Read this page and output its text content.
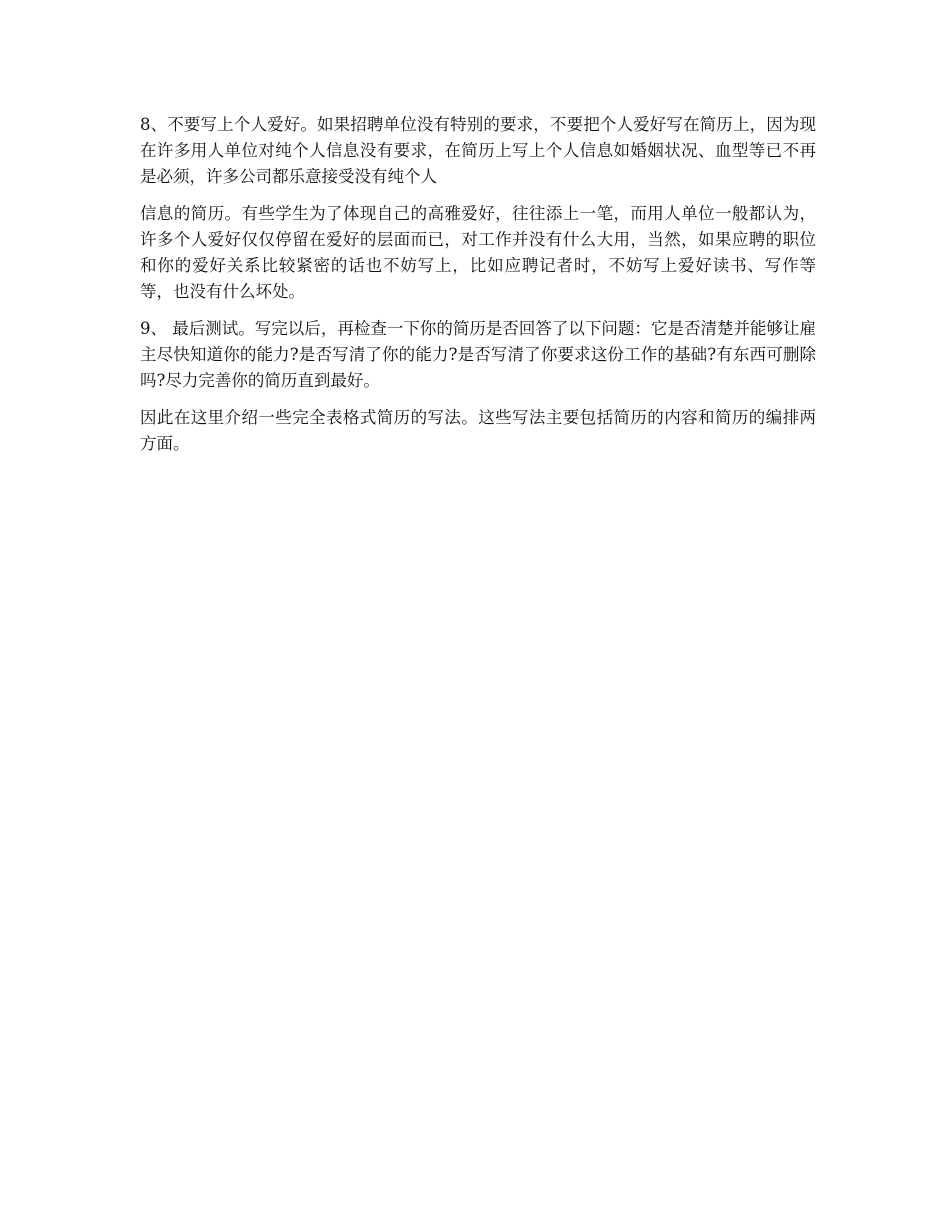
8、不要写上个人爱好。如果招聘单位没有特别的要求，不要把个人爱好写在简历上，因为现在许多用人单位对纯个人信息没有要求，在简历上写上个人信息如婚姻状况、血型等已不再是必须，许多公司都乐意接受没有纯个人

信息的简历。有些学生为了体现自己的高雅爱好，往往添上一笔，而用人单位一般都认为，许多个人爱好仅仅停留在爱好的层面而已，对工作并没有什么大用，当然，如果应聘的职位和你的爱好关系比较紧密的话也不妨写上，比如应聘记者时，不妨写上爱好读书、写作等等，也没有什么坏处。

9、 最后测试。写完以后，再检查一下你的简历是否回答了以下问题：它是否清楚并能够让雇主尽快知道你的能力?是否写清了你的能力?是否写清了你要求这份工作的基础?有东西可删除吗?尽力完善你的简历直到最好。

因此在这里介绍一些完全表格式简历的写法。这些写法主要包括简历的内容和简历的编排两方面。
